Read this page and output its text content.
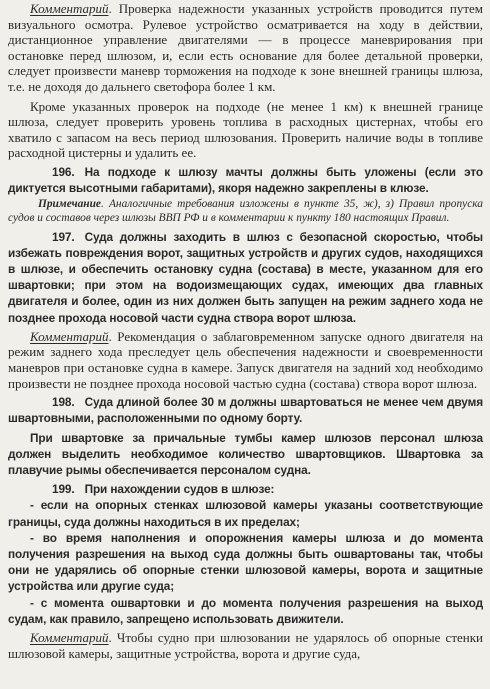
Комментарий. Проверка надежности указанных устройств проводится путем визуального осмотра. Рулевое устройство осматривается на ходу в действии, дистанционное управление двигателями — в процессе маневрирования при остановке перед шлюзом, и, если есть основание для более детальной проверки, следует произвести маневр торможения на подходе к зоне внешней границы шлюза, т.е. не доходя до дальнего светофора более 1 км.

Кроме указанных проверок на подходе (не менее 1 км) к внешней границе шлюза, следует проверить уровень топлива в расходных цистернах, чтобы его хватило с запасом на весь период шлюзования. Проверить наличие воды в топливе расходной цистерны и удалить ее.

196. На подходе к шлюзу мачты должны быть уложены (если это диктуется высотными габаритами), якоря надежно закреплены в клюзе.

Примечание. Аналогичные требования изложены в пункте 35, ж), з) Правил пропуска судов и составов через шлюзы ВВП РФ и в комментарии к пункту 180 настоящих Правил.

197. Суда должны заходить в шлюз с безопасной скоростью, чтобы избежать повреждения ворот, защитных устройств и других судов, находящихся в шлюзе, и обеспечить остановку судна (состава) в месте, указанном для его швартовки; при этом на водоизмещающих судах, имеющих два главных двигателя и более, один из них должен быть запущен на режим заднего хода не позднее прохода носовой части судна створа ворот шлюза.

Комментарий. Рекомендация о заблаговременном запуске одного двигателя на режим заднего хода преследует цель обеспечения надежности и своевременности маневров при остановке судна в камере. Запуск двигателя на задний ход необходимо произвести не позднее прохода носовой частью судна (состава) створа ворот шлюза.

198. Суда длиной более 30 м должны швартоваться не менее чем двумя швартовными, расположенными по одному борту.

При швартовке за причальные тумбы камер шлюзов персонал шлюза должен выделить необходимое количество швартовщиков. Швартовка за плавучие рымы обеспечивается персоналом судна.

199. При нахождении судов в шлюзе:

- если на опорных стенках шлюзовой камеры указаны соответствующие границы, суда должны находиться в их пределах;

- во время наполнения и опорожнения камеры шлюза и до момента получения разрешения на выход суда должны быть ошвартованы так, чтобы они не ударялись об опорные стенки шлюзовой камеры, ворота и защитные устройства или другие суда;

- с момента ошвартовки и до момента получения разрешения на выход судам, как правило, запрещено использовать движители.

Комментарий. Чтобы судно при шлюзовании не ударялось об опорные стенки шлюзовой камеры, защитные устройства, ворота и другие суда,
